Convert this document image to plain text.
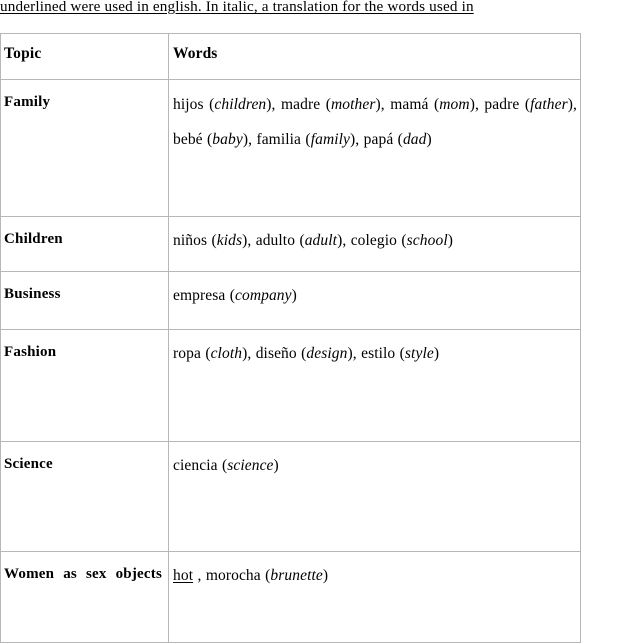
underlined were used in english. In italic, a translation for the words used in
Topic	Words

Family	hijos (children), madre (mother), mamá (mom), padre (father), bebé (baby), familia (family), papá (dad)

Children	niños (kids), adulto (adult), colegio (school)

Business	empresa (company)

Fashion	ropa (cloth), diseño (design), estilo (style)

Science	ciencia (science)

Women as sex objects	hot , morocha (brunette)
